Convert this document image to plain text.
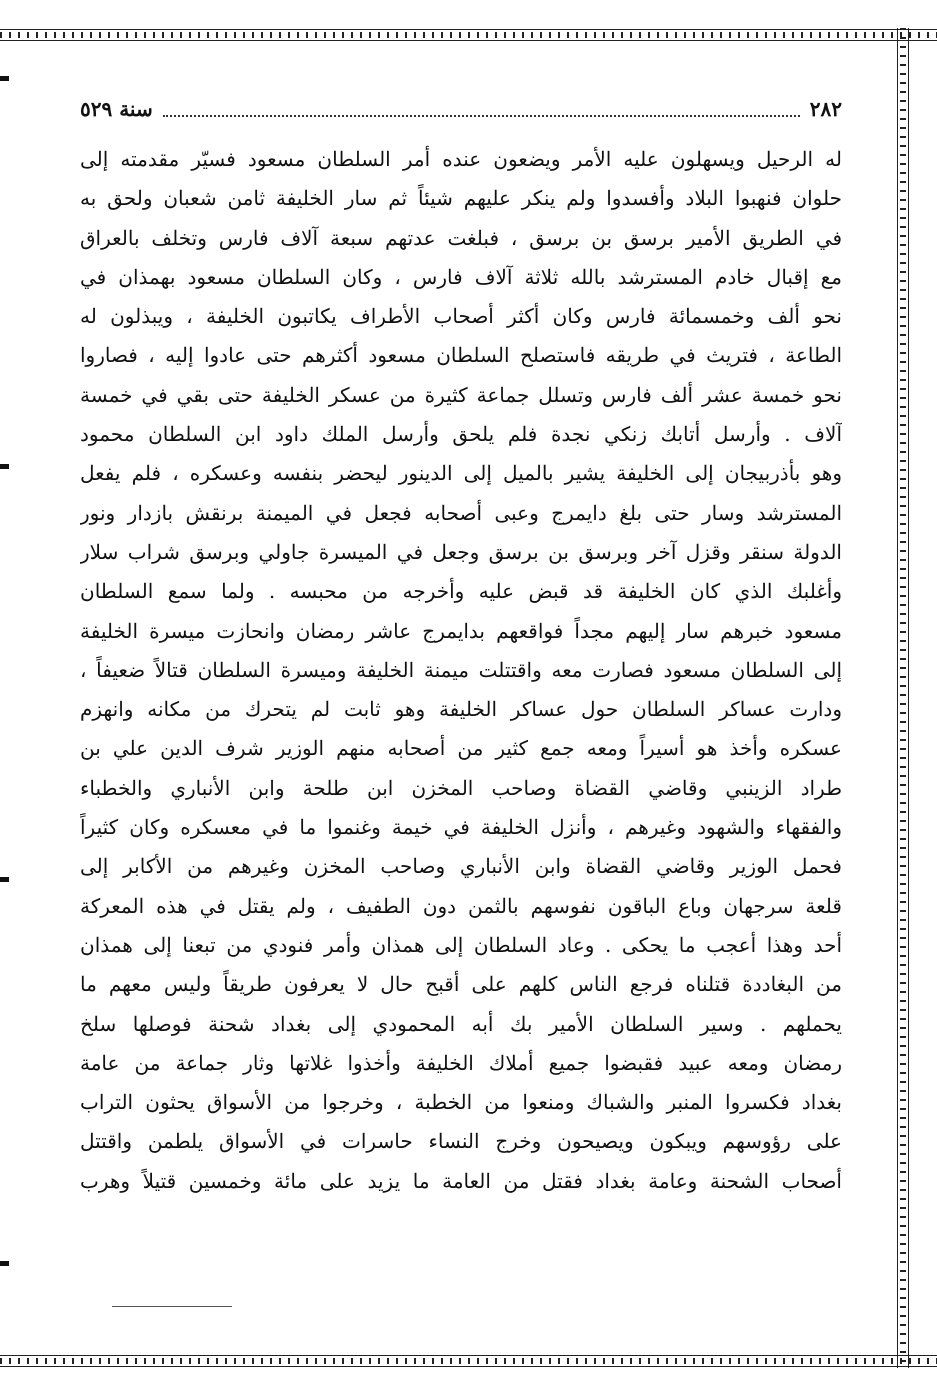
٢٨٢
سنة ٥٢٩
له الرحيل ويسهلون عليه الأمر ويضعون عنده أمر السلطان مسعود فسيّر مقدمته إلى
حلوان فنهبوا البلاد وأفسدوا ولم ينكر عليهم شيئاً ثم سار الخليفة ثامن شعبان ولحق به
في الطريق الأمير برسق بن برسق ، فبلغت عدتهم سبعة آلاف فارس وتخلف بالعراق
مع إقبال خادم المسترشد بالله ثلاثة آلاف فارس ، وكان السلطان مسعود بهمذان في
نحو ألف وخمسمائة فارس وكان أكثر أصحاب الأطراف يكاتبون الخليفة ، ويبذلون له
الطاعة ، فتريث في طريقه فاستصلح السلطان مسعود أكثرهم حتى عادوا إليه ، فصاروا
نحو خمسة عشر ألف فارس وتسلل جماعة كثيرة من عسكر الخليفة حتى بقي في خمسة
آلاف . وأرسل أتابك زنكي نجدة فلم يلحق وأرسل الملك داود ابن السلطان محمود
وهو بأذربيجان إلى الخليفة يشير بالميل إلى الدينور ليحضر بنفسه وعسكره ، فلم يفعل
المسترشد وسار حتى بلغ دايمرج وعبى أصحابه فجعل في الميمنة برنقش بازدار ونور
الدولة سنقر وقزل آخر وبرسق بن برسق وجعل في الميسرة جاولي وبرسق شراب سلار
وأغلبك الذي كان الخليفة قد قبض عليه وأخرجه من محبسه . ولما سمع السلطان
مسعود خبرهم سار إليهم مجداً فواقعهم بدايمرج عاشر رمضان وانحازت ميسرة الخليفة
إلى السلطان مسعود فصارت معه واقتتلت ميمنة الخليفة وميسرة السلطان قتالاً ضعيفاً ،
ودارت عساكر السلطان حول عساكر الخليفة وهو ثابت لم يتحرك من مكانه وانهزم
عسكره وأخذ هو أسيراً ومعه جمع كثير من أصحابه منهم الوزير شرف الدين علي بن
طراد الزينبي وقاضي القضاة وصاحب المخزن ابن طلحة وابن الأنباري والخطباء
والفقهاء والشهود وغيرهم ، وأنزل الخليفة في خيمة وغنموا ما في معسكره وكان كثيراً
فحمل الوزير وقاضي القضاة وابن الأنباري وصاحب المخزن وغيرهم من الأكابر إلى
قلعة سرجهان وباع الباقون نفوسهم بالثمن دون الطفيف ، ولم يقتل في هذه المعركة
أحد وهذا أعجب ما يحكى . وعاد السلطان إلى همذان وأمر فنودي من تبعنا إلى همذان
من البغاددة قتلناه فرجع الناس كلهم على أقبح حال لا يعرفون طريقاً وليس معهم ما
يحملهم . وسير السلطان الأمير بك أبه المحمودي إلى بغداد شحنة فوصلها سلخ
رمضان ومعه عبيد فقبضوا جميع أملاك الخليفة وأخذوا غلاتها وثار جماعة من عامة
بغداد فكسروا المنبر والشباك ومنعوا من الخطبة ، وخرجوا من الأسواق يحثون التراب
على رؤوسهم ويبكون ويصيحون وخرج النساء حاسرات في الأسواق يلطمن واقتتل
أصحاب الشحنة وعامة بغداد فقتل من العامة ما يزيد على مائة وخمسين قتيلاً وهرب
